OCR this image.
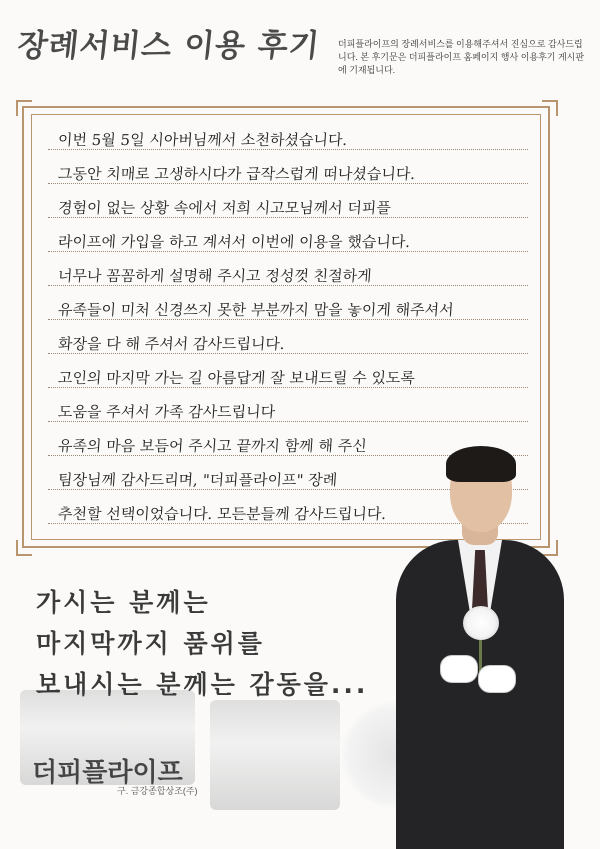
장례서비스 이용 후기 더피플라이프의 장례서비스를 이용해주셔서 진심으로 감사드립니다. 본 후기문은 더피플라이프 홈페이지 행사 이용후기 게시판에 기재됩니다.
이번 5월 5일 시아버님께서 소천하셨습니다.
그동안 치매로 고생하시다가 급작스럽게 떠나셨습니다.
경험이 없는 상황 속에서 저희 시고모님께서 더피플
라이프에 가입을 하고 계셔서 이번에 이용을 했습니다.
너무나 꼼꼼하게 설명해 주시고 정성껏 친절하게
유족들이 미처 신경쓰지 못한 부분까지 맘을 놓이게 해주셔서
화장을 다 해 주셔서 감사드립니다.
고인의 마지막 가는 길 아름답게 잘 보내드릴 수 있도록
도움을 주셔서 가족 감사드립니다
유족의 마음 보듬어 주시고 끝까지 함께 해 주신
팀장님께 감사드리며, "더피플라이프" 장례
추천할 선택이었습니다. 모든분들께 감사드립니다.
가시는 분께는
마지막까지 품위를
보내시는 분께는 감동을...
더피플라이프
구. 금강종합상조(주)
